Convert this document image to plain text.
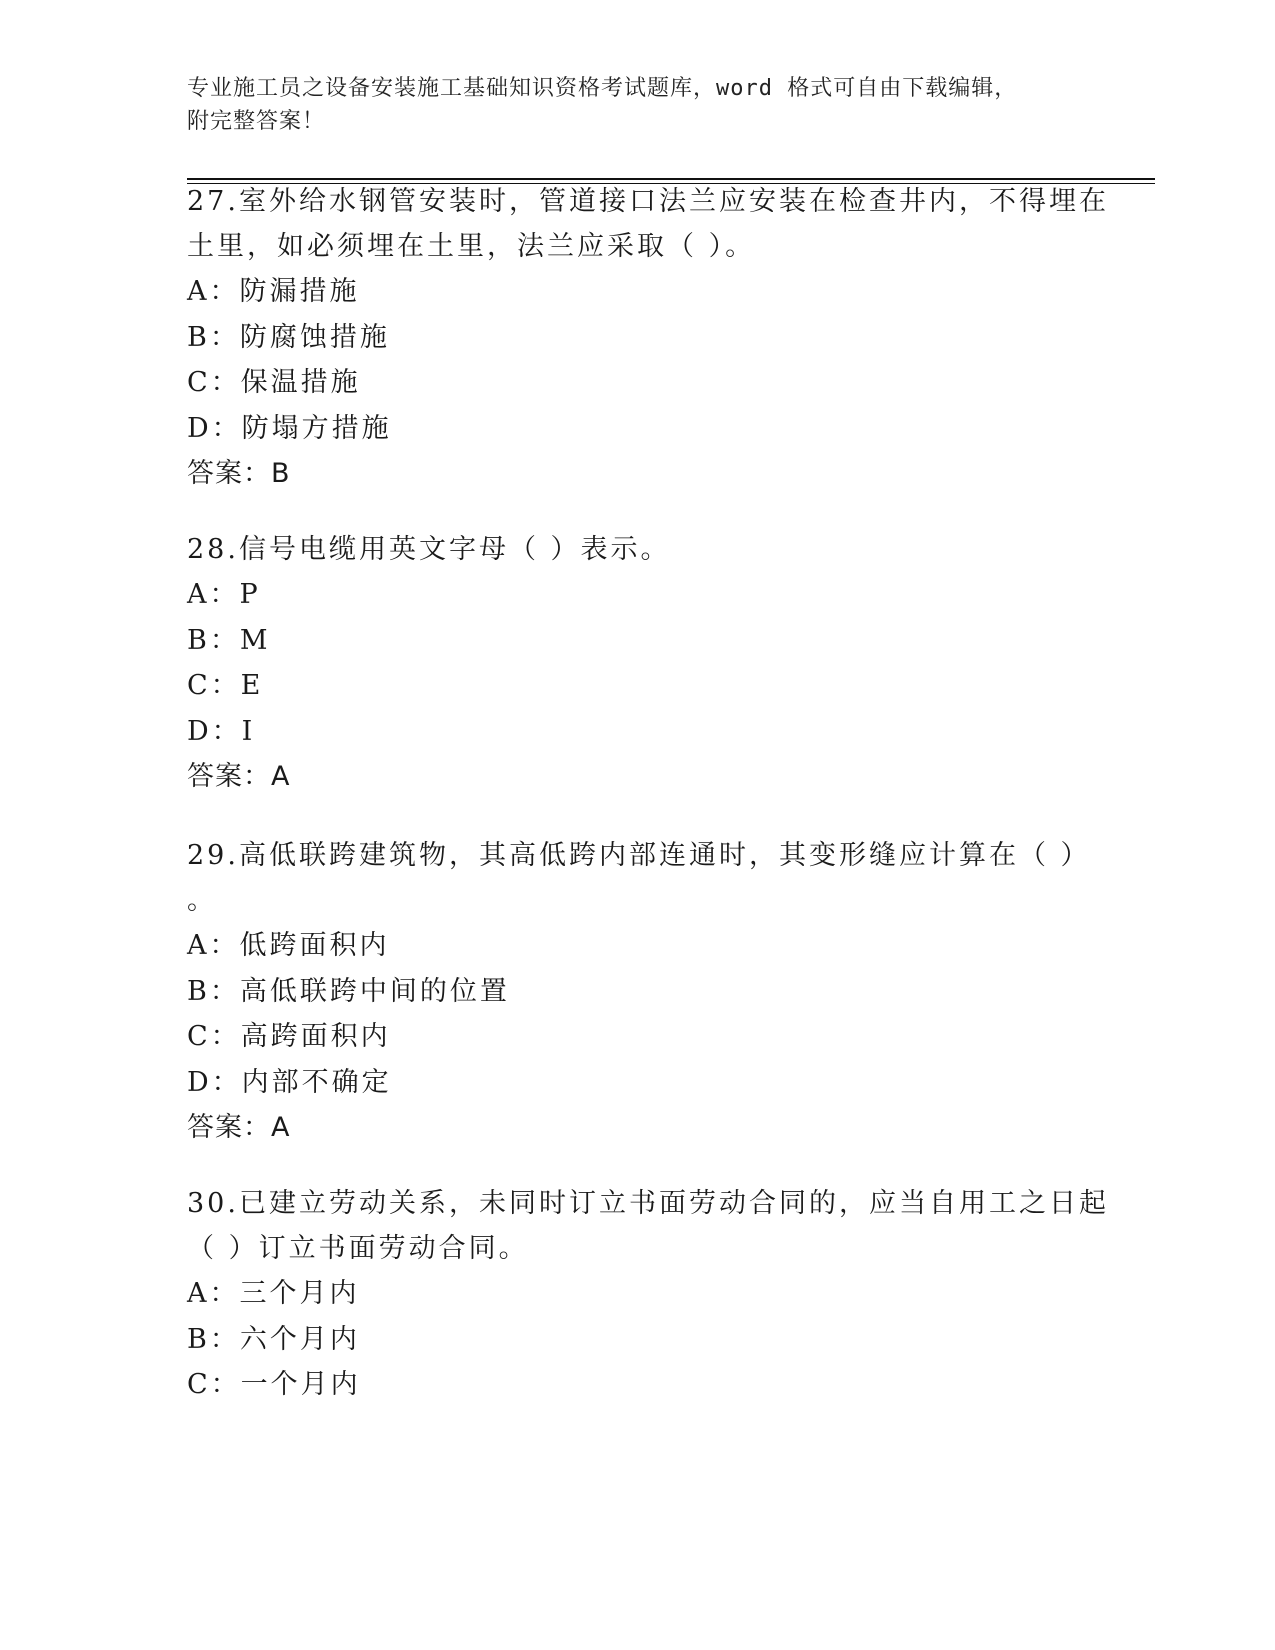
专业施工员之设备安装施工基础知识资格考试题库，word 格式可自由下载编辑，
附完整答案！
27.室外给水钢管安装时，管道接口法兰应安装在检查井内，不得埋在
土里，如必须埋在土里，法兰应采取（ ）。
A：防漏措施
B：防腐蚀措施
C：保温措施
D：防塌方措施
答案：B
28.信号电缆用英文字母（ ）表示。
A：P
B：M
C：E
D：I
答案：A
29.高低联跨建筑物，其高低跨内部连通时，其变形缝应计算在（ ）
。
A：低跨面积内
B：高低联跨中间的位置
C：高跨面积内
D：内部不确定
答案：A
30.已建立劳动关系，未同时订立书面劳动合同的，应当自用工之日起
（ ）订立书面劳动合同。
A：三个月内
B：六个月内
C：一个月内
